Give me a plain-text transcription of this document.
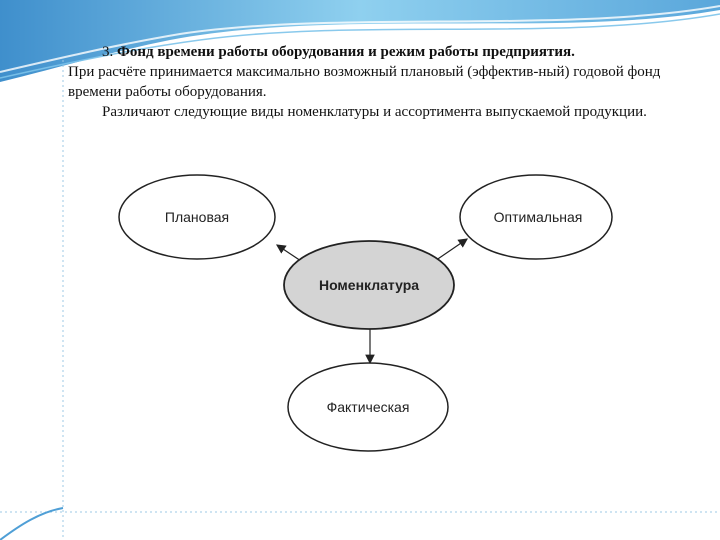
3. Фонд времени работы оборудования и режим работы предприятия.

При расчёте принимается максимально возможный плановый (эффектив-ный) годовой фонд времени работы оборудования.

Различают следующие виды номенклатуры и ассортимента выпускаемой продукции.

Плановая	Оптимальная
Номенклатура
Фактическая
